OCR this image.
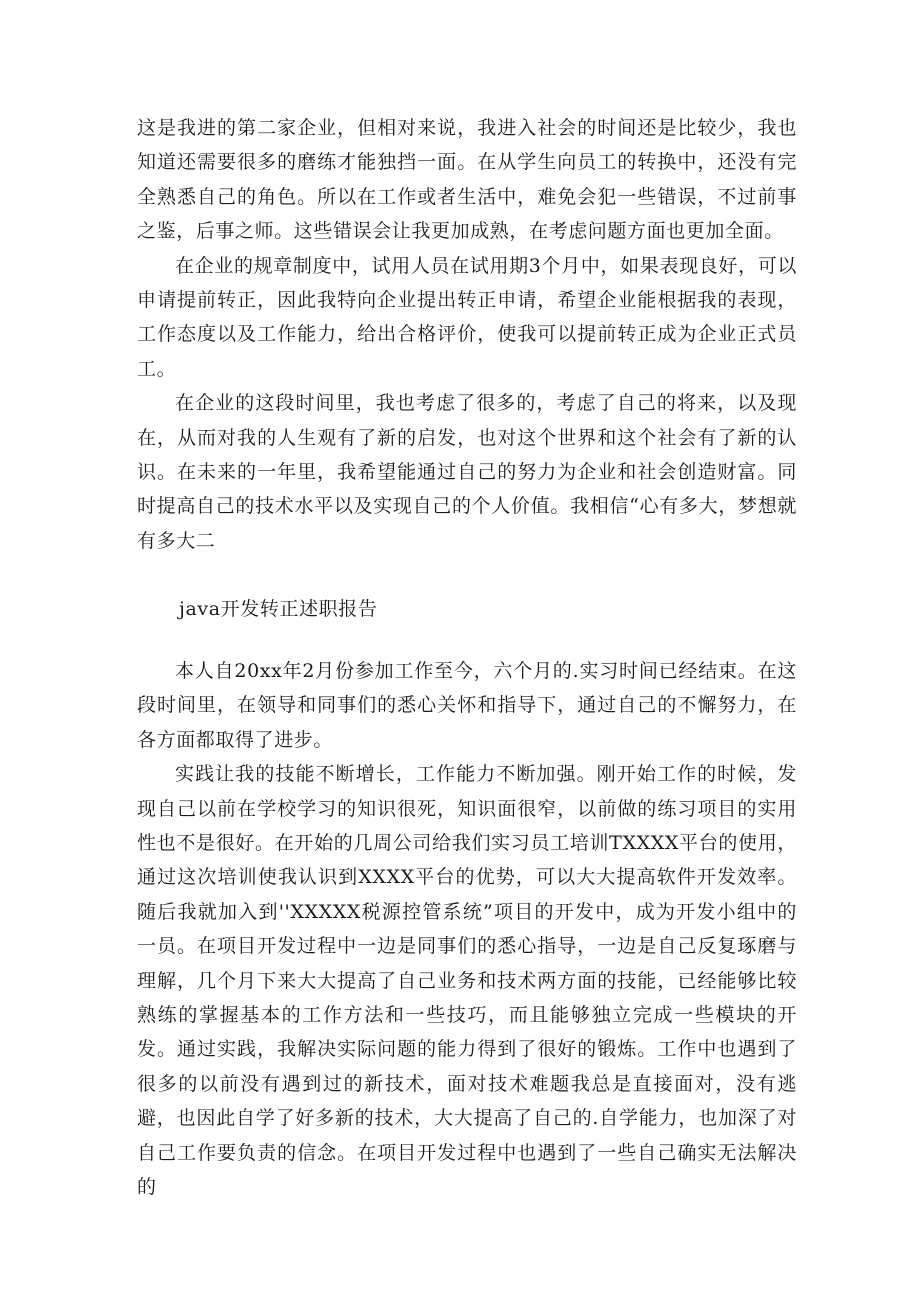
这是我进的第二家企业，但相对来说，我进入社会的时间还是比较少，我也知道还需要很多的磨练才能独挡一面。在从学生向员工的转换中，还没有完全熟悉自己的角色。所以在工作或者生活中，难免会犯一些错误，不过前事之鉴，后事之师。这些错误会让我更加成熟，在考虑问题方面也更加全面。

在企业的规章制度中，试用人员在试用期3个月中，如果表现良好，可以申请提前转正，因此我特向企业提出转正申请，希望企业能根据我的表现，工作态度以及工作能力，给出合格评价，使我可以提前转正成为企业正式员工。

在企业的这段时间里，我也考虑了很多的，考虑了自己的将来，以及现在，从而对我的人生观有了新的启发，也对这个世界和这个社会有了新的认识。在未来的一年里，我希望能通过自己的努力为企业和社会创造财富。同时提高自己的技术水平以及实现自己的个人价值。我相信“心有多大，梦想就有多大二

java开发转正述职报告

本人自20xx年2月份参加工作至今，六个月的.实习时间已经结束。在这段时间里，在领导和同事们的悉心关怀和指导下，通过自己的不懈努力，在各方面都取得了进步。

实践让我的技能不断增长，工作能力不断加强。刚开始工作的时候，发现自己以前在学校学习的知识很死，知识面很窄，以前做的练习项目的实用性也不是很好。在开始的几周公司给我们实习员工培训TXXXX平台的使用，通过这次培训使我认识到XXXX平台的优势，可以大大提高软件开发效率。随后我就加入到''XXXXX税源控管系统”项目的开发中，成为开发小组中的一员。在项目开发过程中一边是同事们的悉心指导，一边是自己反复琢磨与理解，几个月下来大大提高了自己业务和技术两方面的技能，已经能够比较熟练的掌握基本的工作方法和一些技巧，而且能够独立完成一些模块的开发。通过实践，我解决实际问题的能力得到了很好的锻炼。工作中也遇到了很多的以前没有遇到过的新技术，面对技术难题我总是直接面对，没有逃避，也因此自学了好多新的技术，大大提高了自己的.自学能力，也加深了对自己工作要负责的信念。在项目开发过程中也遇到了一些自己确实无法解决的
